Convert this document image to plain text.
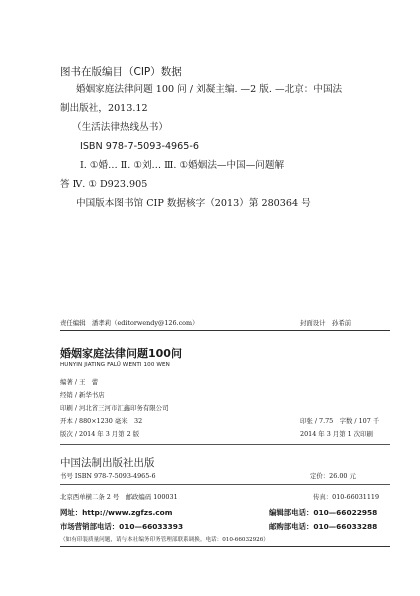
图书在版编目（CIP）数据
婚姻家庭法律问题 100 问 / 刘凝主编. —2 版. —北京：中国法
制出版社，2013.12
（生活法律热线丛书）
ISBN 978-7-5093-4965-6
Ⅰ. ①婚… Ⅱ. ①刘… Ⅲ. ①婚姻法—中国—问题解
答 Ⅳ. ① D923.905
中国版本图书馆 CIP 数据核字（2013）第 280364 号
责任编辑　潘孝莉（editorwendy@126.com）	封面设计　孙希前
婚姻家庭法律问题100问
HUNYIN JIATING FALÜ WENTI 100 WEN
编著 / 王　蕾
经销 / 新华书店
印刷 / 河北省三河市汇鑫印务有限公司
开本 / 880×1230 毫米　32	印张 / 7.75　字数 / 107 千
版次 / 2014 年 3 月第 2 版	2014 年 3 月第 1 次印刷
中国法制出版社出版
书号 ISBN 978-7-5093-4965-6	定价：26.00 元
北京西单横二条 2 号　邮政编码 100031	传真：010-66031119
网址：http://www.zgfzs.com	编辑部电话：010—66022958
市场营销部电话：010—66033393	邮购部电话：010—66033288
（如有印装质量问题，请与本社编务印务管理部联系调换。电话：010-66032926）
